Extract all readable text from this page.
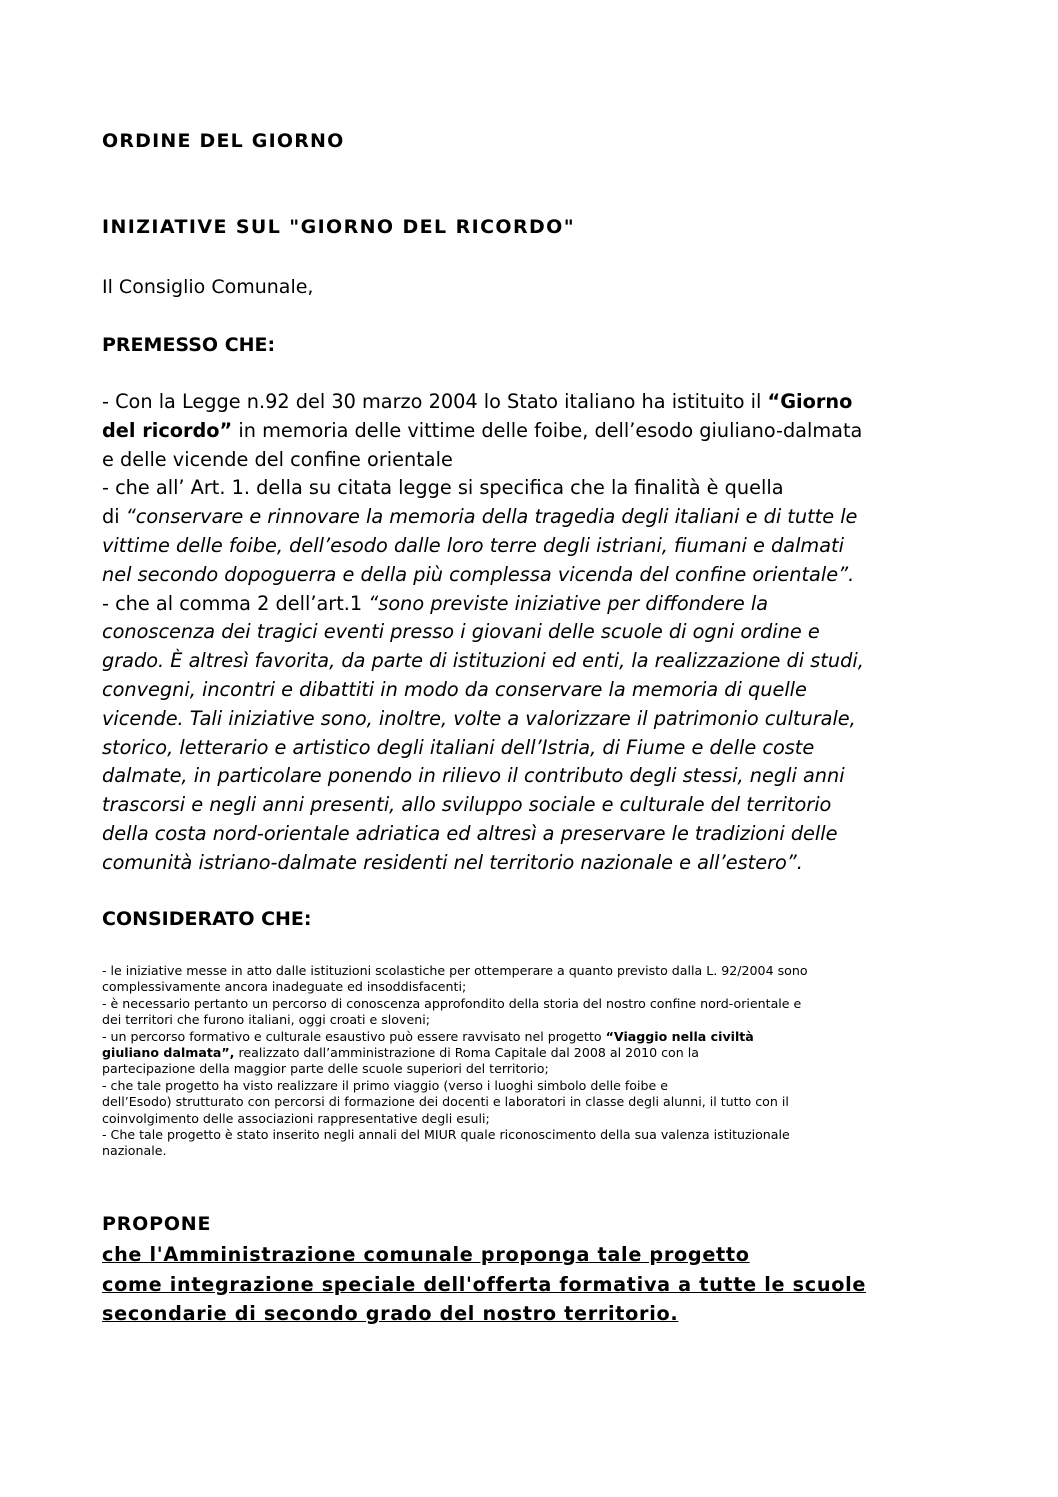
ORDINE DEL GIORNO
INIZIATIVE SUL "GIORNO DEL RICORDO"
Il Consiglio Comunale,
PREMESSO CHE:
- Con la Legge n.92 del 30 marzo 2004 lo Stato italiano ha istituito il “Giorno
del ricordo” in memoria delle vittime delle foibe, dell’esodo giuliano-dalmata
e delle vicende del confine orientale
- che all’ Art. 1. della su citata legge si specifica che la finalità è quella
di “conservare e rinnovare la memoria della tragedia degli italiani e di tutte le
vittime delle foibe, dell’esodo dalle loro terre degli istriani, fiumani e dalmati
nel secondo dopoguerra e della più complessa vicenda del confine orientale”.
- che al comma 2 dell’art.1 “sono previste iniziative per diffondere la
conoscenza dei tragici eventi presso i giovani delle scuole di ogni ordine e
grado. È altresì favorita, da parte di istituzioni ed enti, la realizzazione di studi,
convegni, incontri e dibattiti in modo da conservare la memoria di quelle
vicende. Tali iniziative sono, inoltre, volte a valorizzare il patrimonio culturale,
storico, letterario e artistico degli italiani dell’Istria, di Fiume e delle coste
dalmate, in particolare ponendo in rilievo il contributo degli stessi, negli anni
trascorsi e negli anni presenti, allo sviluppo sociale e culturale del territorio
della costa nord-orientale adriatica ed altresì a preservare le tradizioni delle
comunità istriano-dalmate residenti nel territorio nazionale e all’estero”.
CONSIDERATO CHE:
- le iniziative messe in atto dalle istituzioni scolastiche per ottemperare a quanto previsto dalla L. 92/2004 sono
complessivamente ancora inadeguate ed insoddisfacenti;
- è necessario pertanto un percorso di conoscenza approfondito della storia del nostro confine nord-orientale e
dei territori che furono italiani, oggi croati e sloveni;
- un percorso formativo e culturale esaustivo può essere ravvisato nel progetto “Viaggio nella civiltà
giuliano dalmata”, realizzato dall’amministrazione di Roma Capitale dal 2008 al 2010 con la
partecipazione della maggior parte delle scuole superiori del territorio;
- che tale progetto ha visto realizzare il primo viaggio (verso i luoghi simbolo delle foibe e
dell’Esodo) strutturato con percorsi di formazione dei docenti e laboratori in classe degli alunni, il tutto con il
coinvolgimento delle associazioni rappresentative degli esuli;
- Che tale progetto è stato inserito negli annali del MIUR quale riconoscimento della sua valenza istituzionale
nazionale.
PROPONE
che l'Amministrazione comunale proponga tale progetto
come integrazione speciale dell'offerta formativa a tutte le scuole
secondarie di secondo grado del nostro territorio.
